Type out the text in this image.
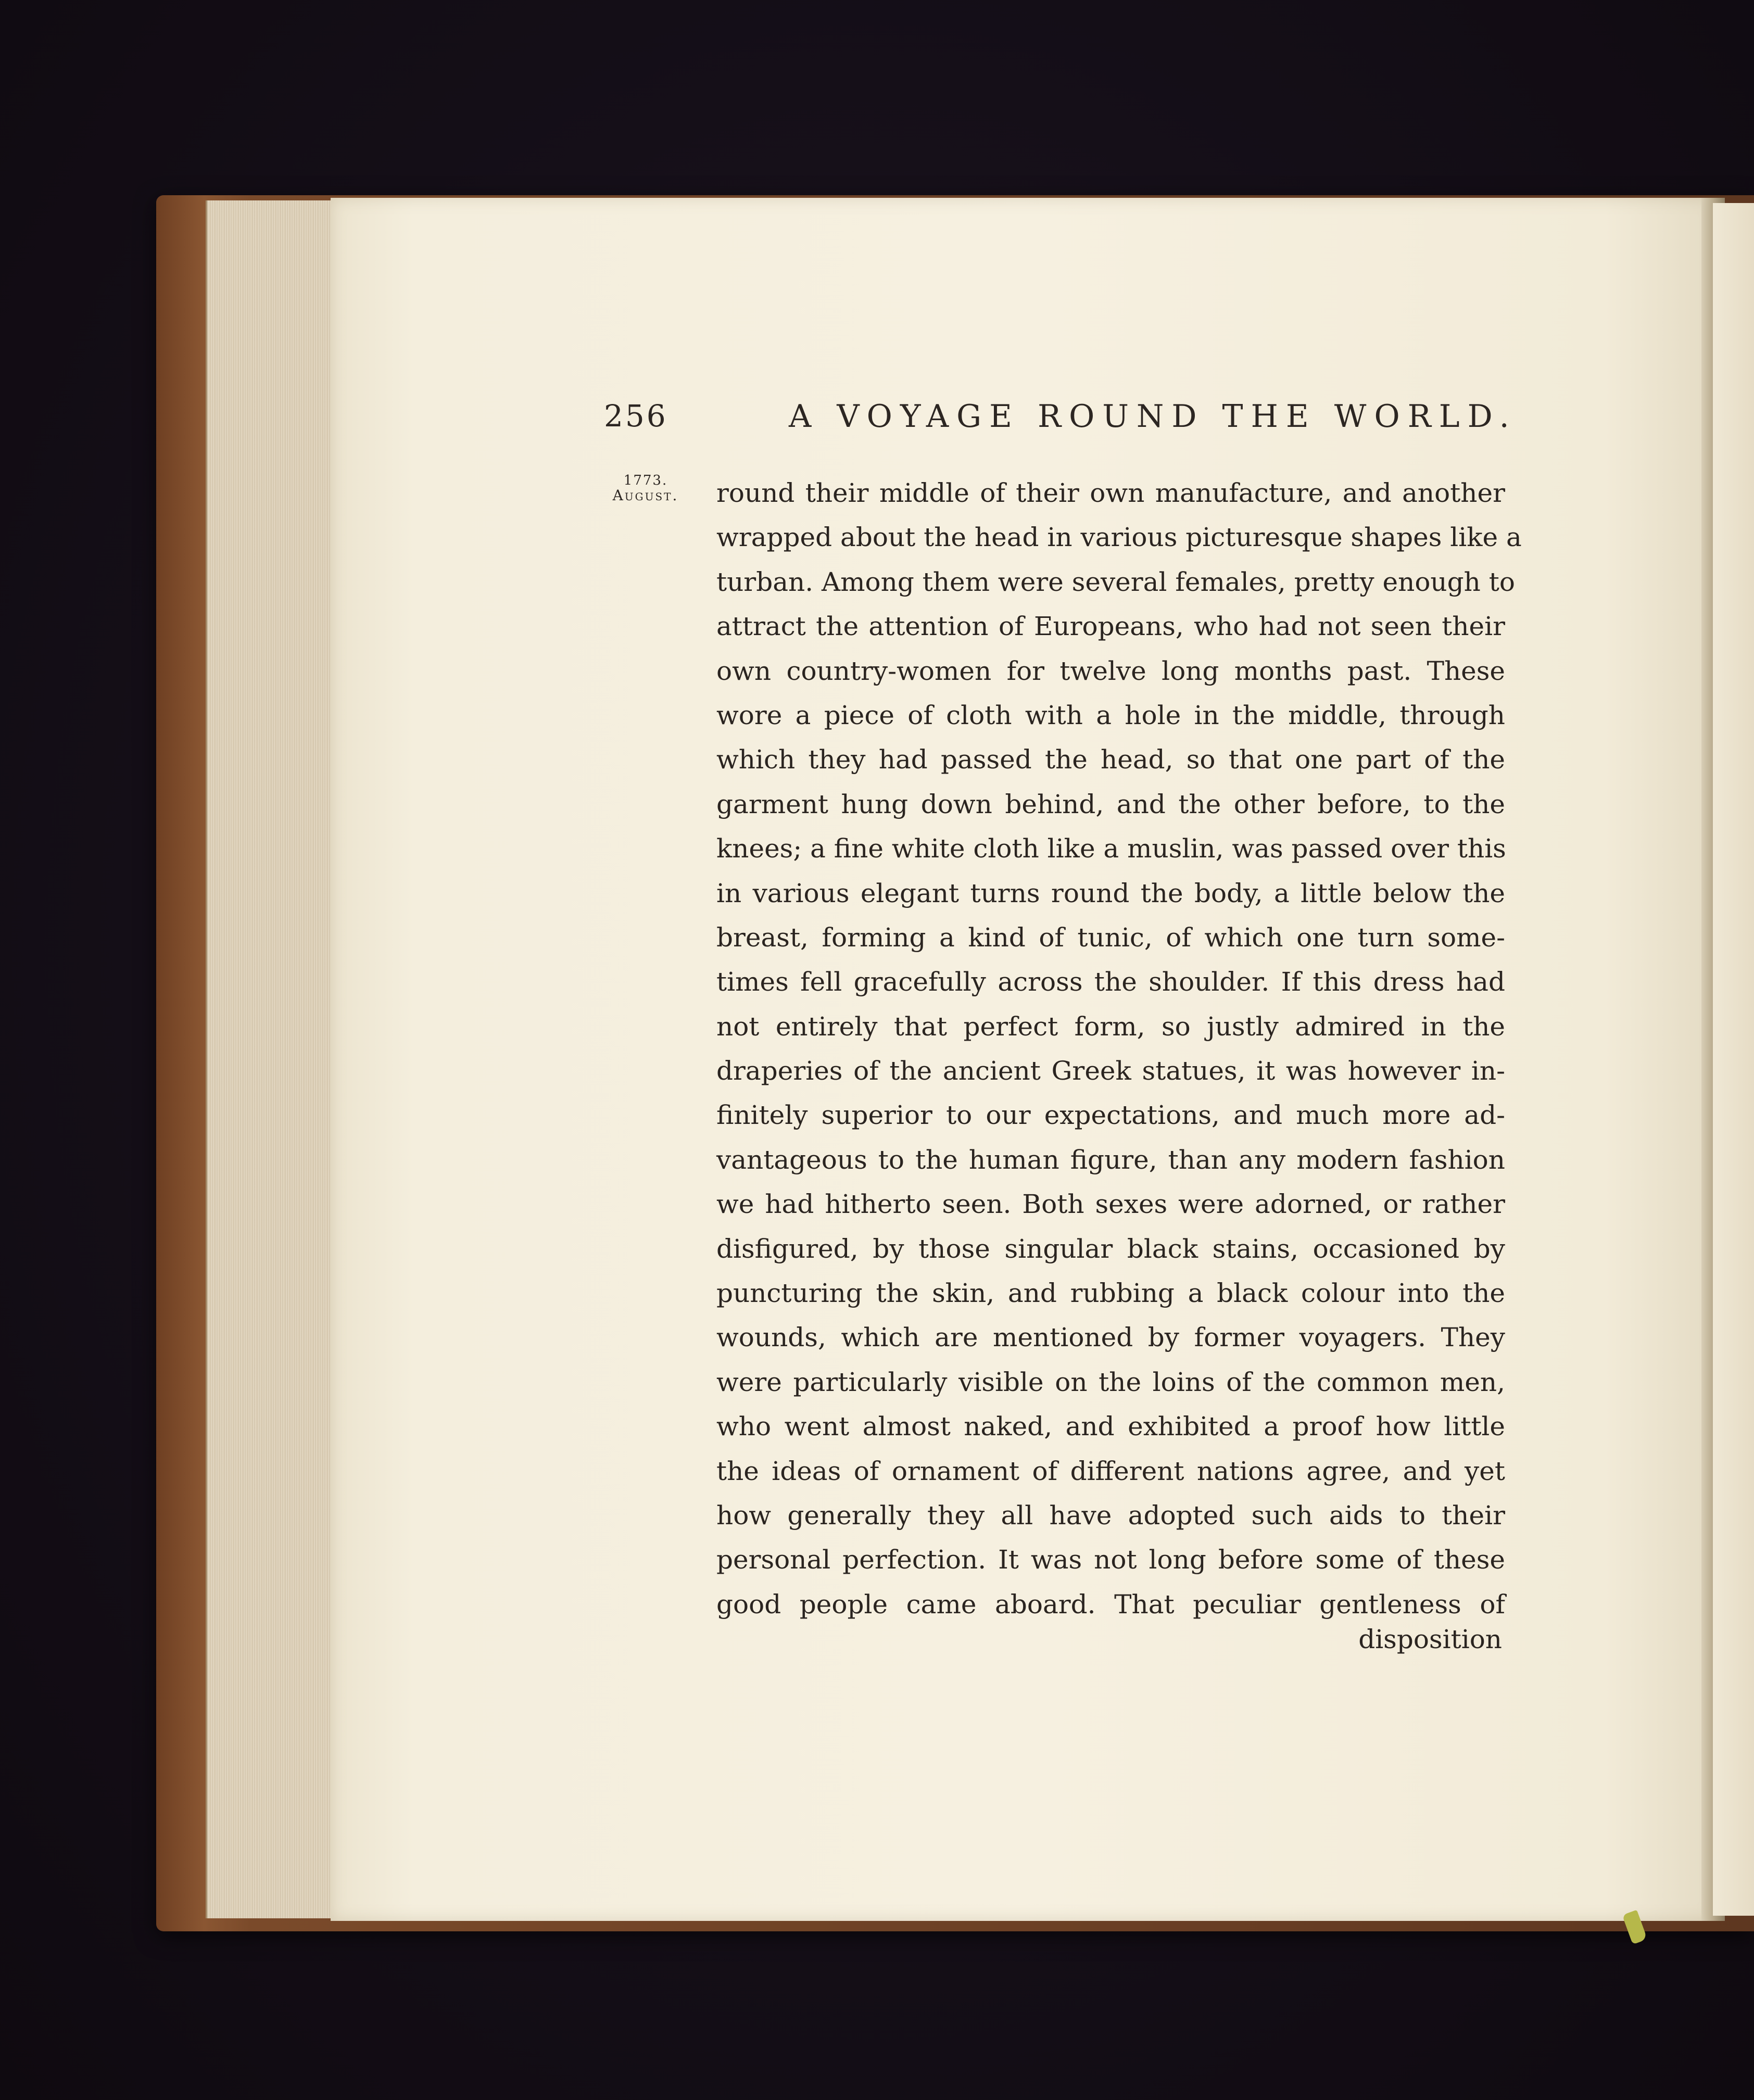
256	A VOYAGE ROUND THE WORLD.
1773.
August.	round their middle of their own manufacture, and another
wrapped about the head in various picturesque shapes like a
turban. Among them were several females, pretty enough to
attract the attention of Europeans, who had not seen their
own country-women for twelve long months past. These
wore a piece of cloth with a hole in the middle, through
which they had passed the head, so that one part of the
garment hung down behind, and the other before, to the
knees; a fine white cloth like a muslin, was passed over this
in various elegant turns round the body, a little below the
breast, forming a kind of tunic, of which one turn some-
times fell gracefully across the shoulder. If this dress had
not entirely that perfect form, so justly admired in the
draperies of the ancient Greek statues, it was however in-
finitely superior to our expectations, and much more ad-
vantageous to the human figure, than any modern fashion
we had hitherto seen. Both sexes were adorned, or rather
disfigured, by those singular black stains, occasioned by
puncturing the skin, and rubbing a black colour into the
wounds, which are mentioned by former voyagers. They
were particularly visible on the loins of the common men,
who went almost naked, and exhibited a proof how little
the ideas of ornament of different nations agree, and yet
how generally they all have adopted such aids to their
personal perfection. It was not long before some of these
good people came aboard. That peculiar gentleness of
disposition
